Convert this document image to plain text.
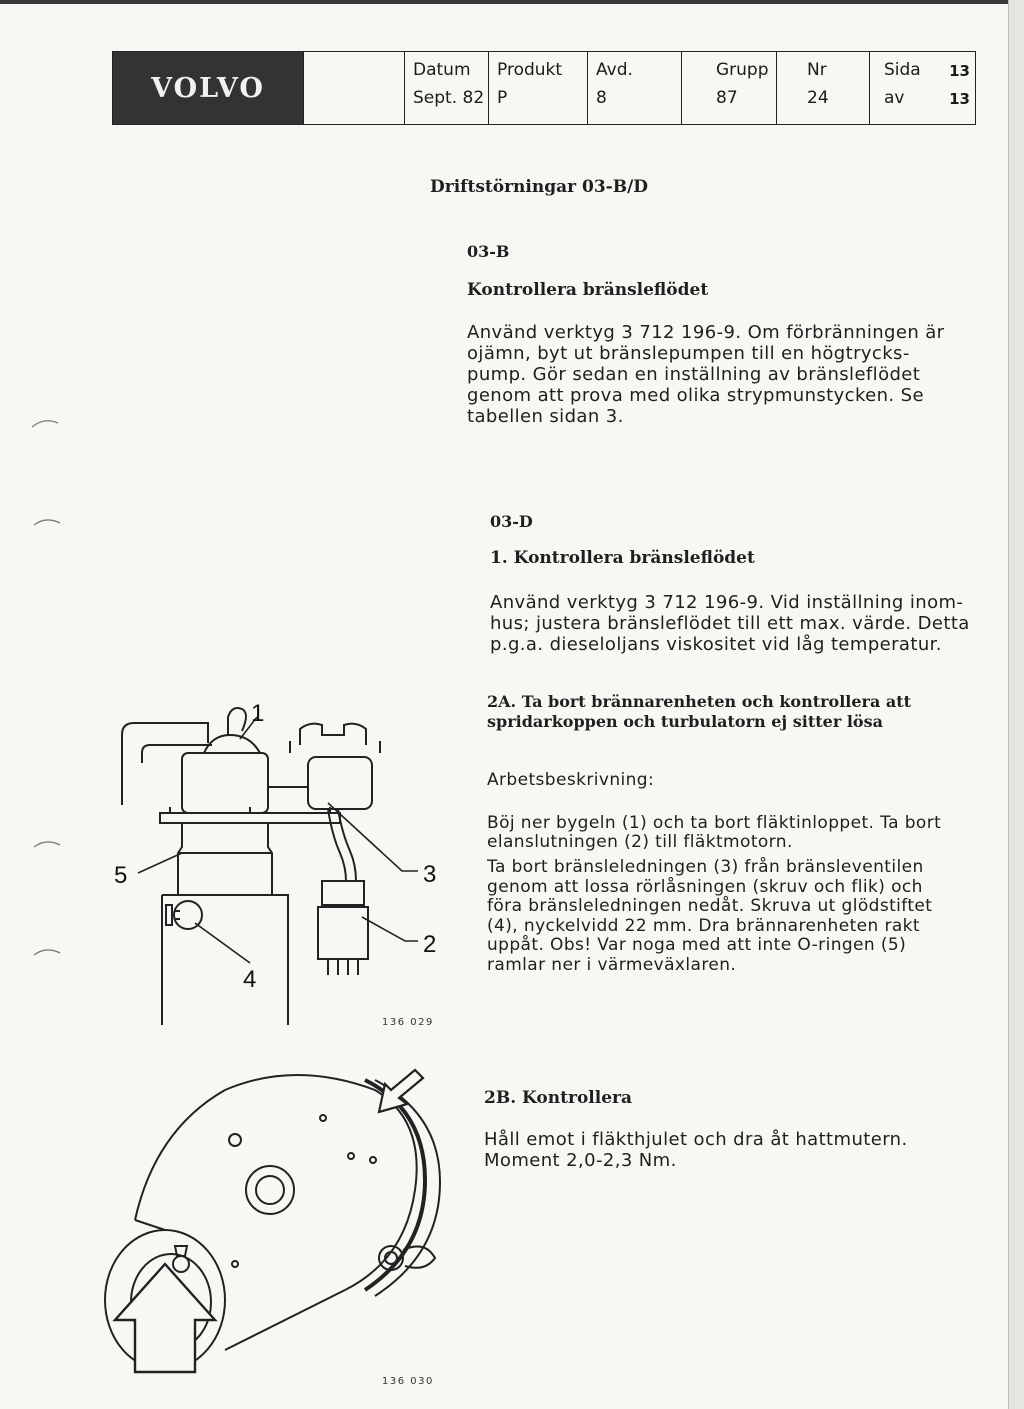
VOLVO
Datum
Sept. 82
Produkt
P
Avd.
8
Grupp
87
Nr
24
Sida 13
av	13
Driftstörningar 03-B/D
03-B
Kontrollera bränsleflödet
Använd verktyg 3 712 196-9. Om förbränningen är
ojämn, byt ut bränslepumpen till en högtrycks-
pump. Gör sedan en inställning av bränsleflödet
genom att prova med olika strypmunstycken. Se
tabellen sidan 3.
03-D
1. Kontrollera bränsleflödet
Använd verktyg 3 712 196-9. Vid inställning inom-
hus; justera bränsleflödet till ett max. värde. Detta
p.g.a. dieseloljans viskositet vid låg temperatur.
2A. Ta bort brännarenheten och kontrollera att
spridarkoppen och turbulatorn ej sitter lösa
Arbetsbeskrivning:
Böj ner bygeln (1) och ta bort fläktinloppet. Ta bort
elanslutningen (2) till fläktmotorn.
Ta bort bränsleledningen (3) från bränsleventilen
genom att lossa rörlåsningen (skruv och flik) och
föra bränsleledningen nedåt. Skruva ut glödstiftet
(4), nyckelvidd 22 mm. Dra brännarenheten rakt
uppåt. Obs! Var noga med att inte O-ringen (5)
ramlar ner i värmeväxlaren.
2B. Kontrollera
Håll emot i fläkthjulet och dra åt hattmutern.
Moment 2,0-2,3 Nm.
1
2
3
4
5
136 029
136 030
